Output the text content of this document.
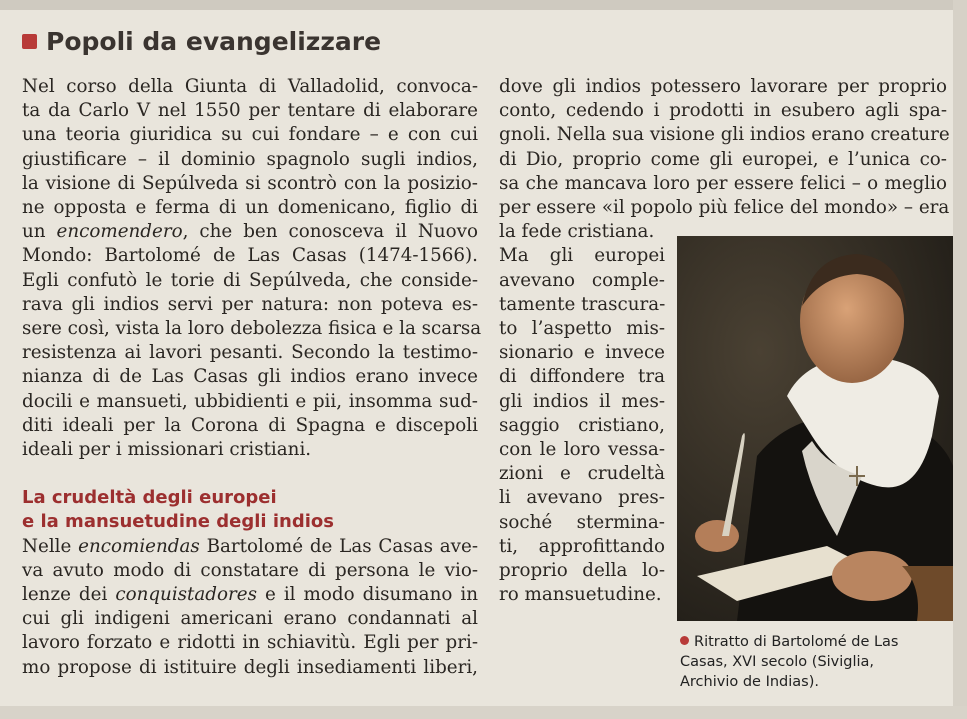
Popoli da evangelizzare
Nel corso della Giunta di Valladolid, convoca-
ta da Carlo V nel 1550 per tentare di elaborare
una teoria giuridica su cui fondare – e con cui
giustificare – il dominio spagnolo sugli indios,
la visione di Sepúlveda si scontrò con la posizio-
ne opposta e ferma di un domenicano, figlio di
un encomendero, che ben conosceva il Nuovo
Mondo: Bartolomé de Las Casas (1474-1566).
Egli confutò le torie di Sepúlveda, che conside-
rava gli indios servi per natura: non poteva es-
sere così, vista la loro debolezza fisica e la scarsa
resistenza ai lavori pesanti. Secondo la testimo-
nianza di de Las Casas gli indios erano invece
docili e mansueti, ubbidienti e pii, insomma sud-
diti ideali per la Corona di Spagna e discepoli
ideali per i missionari cristiani.
La crudeltà degli europei
e la mansuetudine degli indios
Nelle encomiendas Bartolomé de Las Casas ave-
va avuto modo di constatare di persona le vio-
lenze dei conquistadores e il modo disumano in
cui gli indigeni americani erano condannati al
lavoro forzato e ridotti in schiavitù. Egli per pri-
mo propose di istituire degli insediamenti liberi,
dove gli indios potessero lavorare per proprio
conto, cedendo i prodotti in esubero agli spa-
gnoli. Nella sua visione gli indios erano creature
di Dio, proprio come gli europei, e l’unica co-
sa che mancava loro per essere felici – o meglio
per essere «il popolo più felice del mondo» – era
la fede cristiana.
Ma gli europei
avevano comple-
tamente trascura-
to l’aspetto mis-
sionario e invece
di diffondere tra
gli indios il mes-
saggio cristiano,
con le loro vessa-
zioni e crudeltà
li avevano pres-
soché stermina-
ti, approfittando
proprio della lo-
ro mansuetudine.
Ritratto di Bartolomé de Las
Casas, XVI secolo (Siviglia,
Archivio de Indias).
